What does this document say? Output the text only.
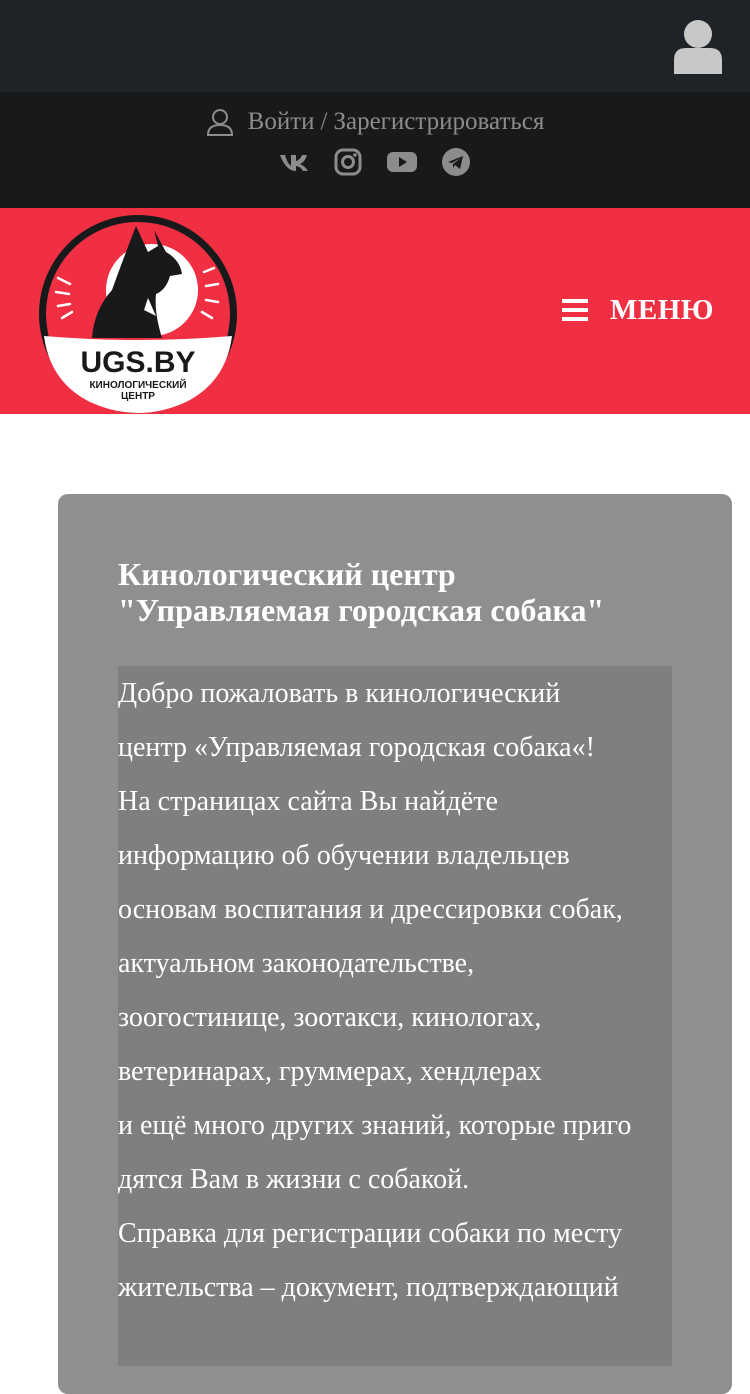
Войти / Зарегистрироваться
UGS.BY
КИНОЛОГИЧЕСКИЙ
ЦЕНТР
МЕНЮ
Кинологический центр
"Управляемая городская собака"
Добро пожаловать в кинологический
центр «Управляемая городская собака«!
На страницах сайта Вы найдёте
информацию об обучении владельцев
основам воспитания и дрессировки собак,
актуальном законодательстве,
зоогостинице, зоотакси, кинологах,
ветеринарах, груммерах, хендлерах
и ещё много других знаний, которые приго
дятся Вам в жизни с собакой.
Справка для регистрации собаки по месту
жительства – документ, подтверждающий
